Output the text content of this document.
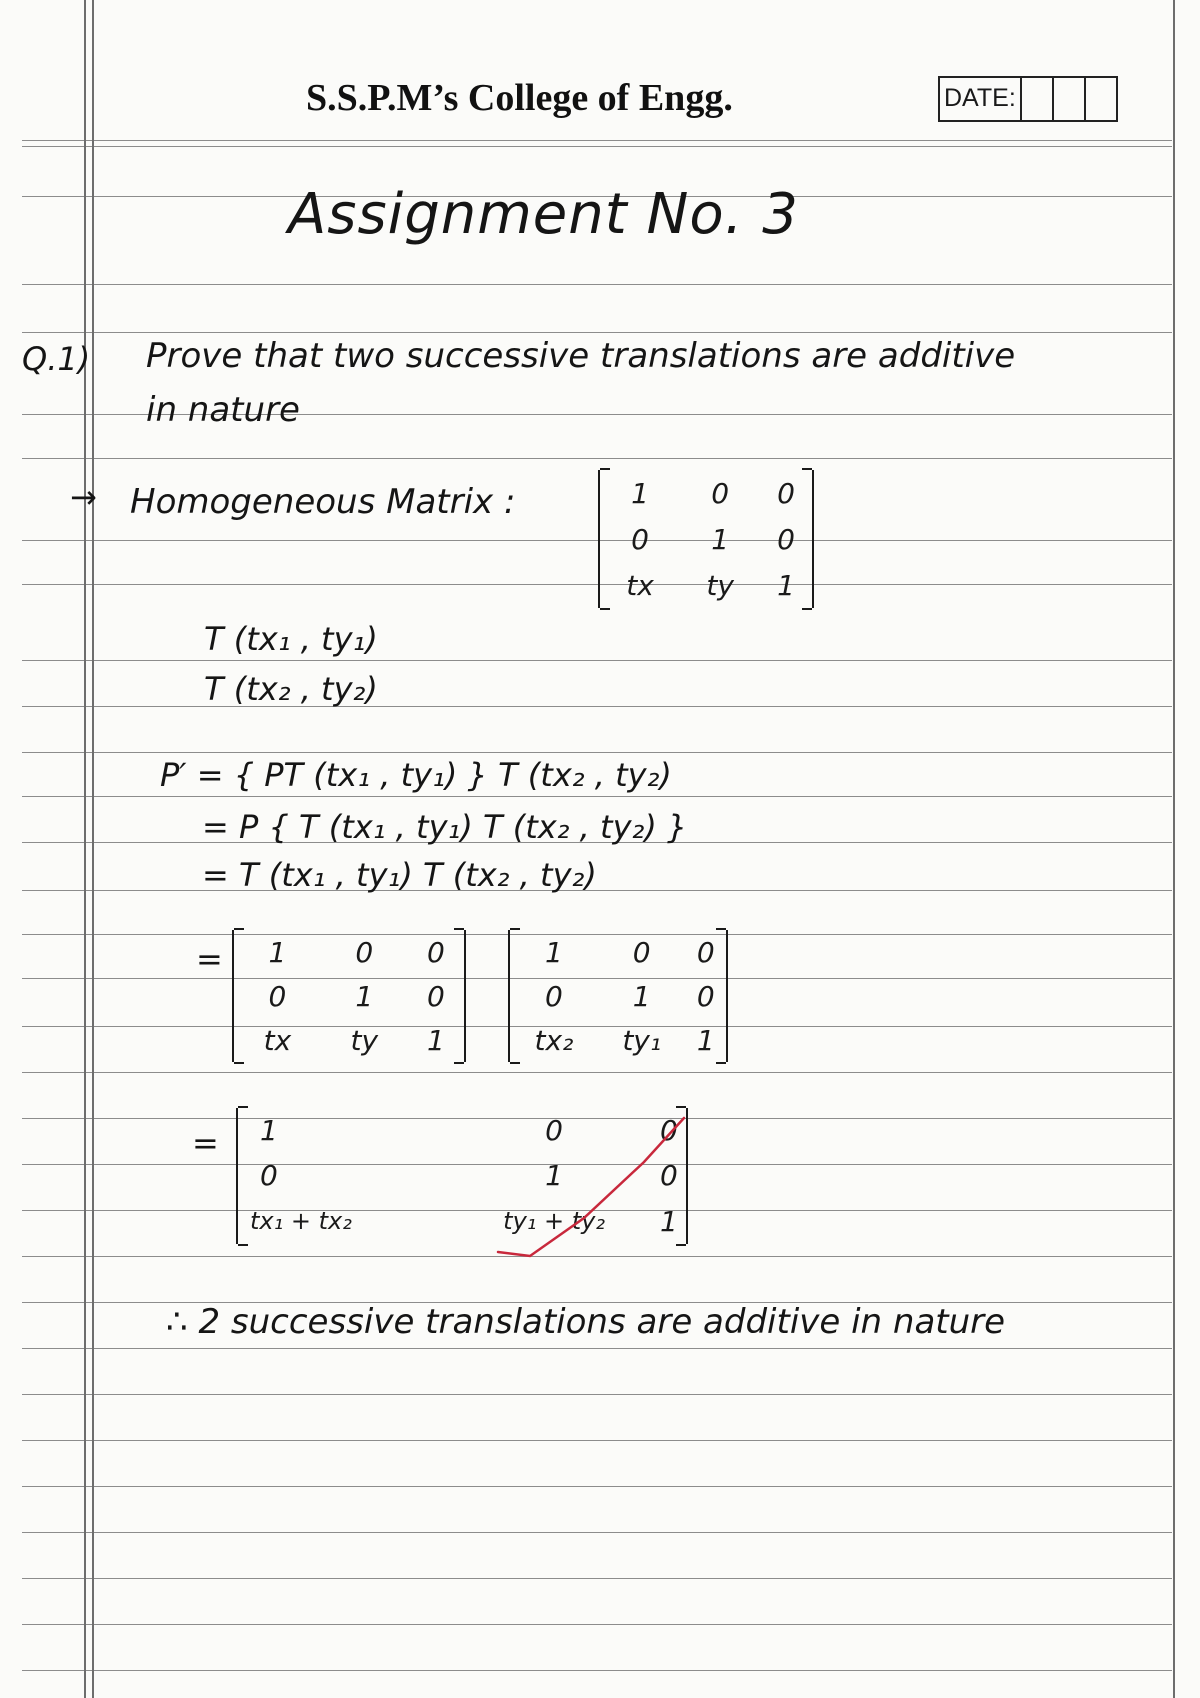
S.S.P.M’s College of Engg.	DATE:
Assignment No. 3
Q.1) Prove that two successive translations are additive
in nature
→ Homogeneous Matrix :	1	0	0
0	1	0
tx	ty	1
T (tx₁ , ty₁)
T (tx₂ , ty₂)
P′ = { PT (tx₁ , ty₁) } T (tx₂ , ty₂)
= P { T (tx₁ , ty₁) T (tx₂ , ty₂) }
= T (tx₁ , ty₁) T (tx₂ , ty₂)
= 1	0	0
0	1	0
tx	ty	1
1	0	0
0	1	0
tx₂	ty₁	1
= 1	0	0
0	1	0
tx₁ + tx₂	ty₁ + ty₂	1
∴ 2 successive translations are additive in nature
